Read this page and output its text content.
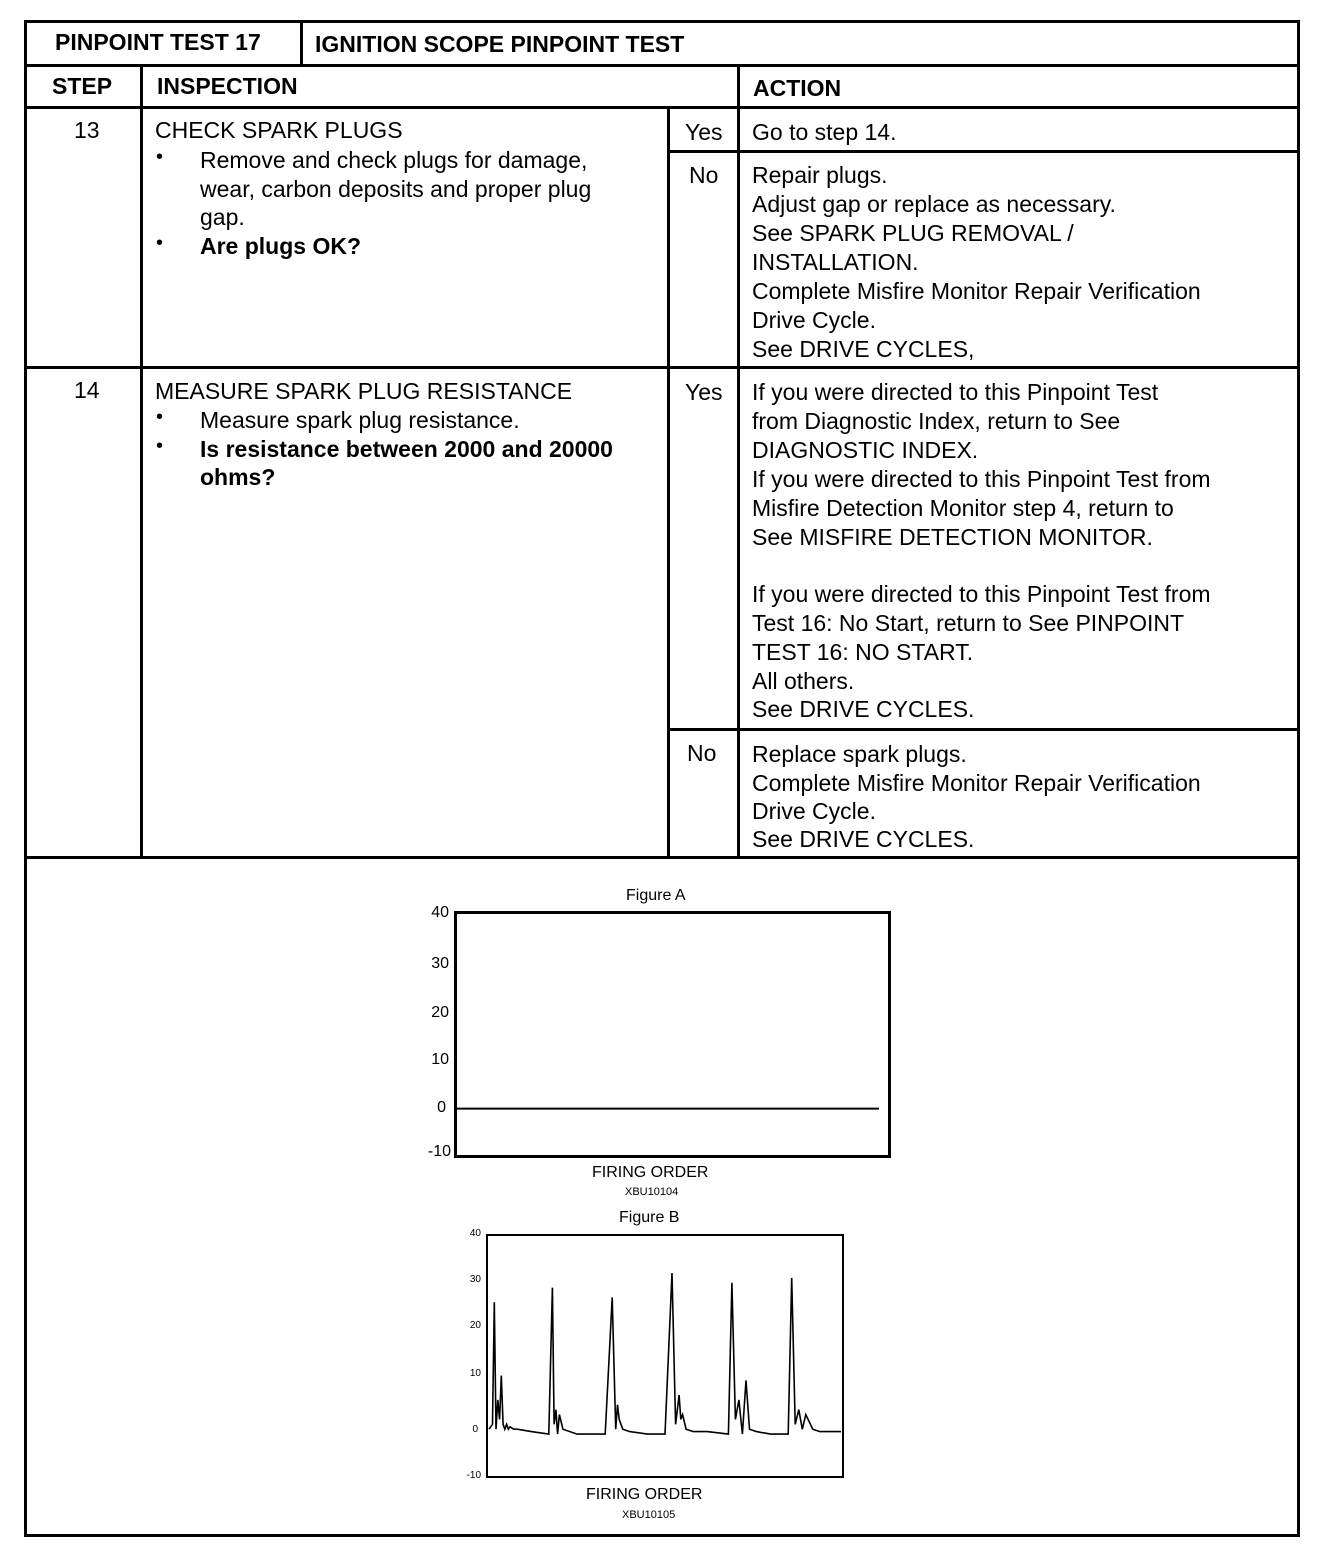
PINPOINT TEST 17 IGNITION SCOPE PINPOINT TEST
STEP INSPECTION	ACTION
13 CHECK SPARK PLUGS
• Remove and check plugs for damage,
wear, carbon deposits and proper plug
gap.
• Are plugs OK?
Yes Go to step 14.
No Repair plugs.
Adjust gap or replace as necessary.
See SPARK PLUG REMOVAL /
INSTALLATION.
Complete Misfire Monitor Repair Verification
Drive Cycle.
See DRIVE CYCLES,
14 MEASURE SPARK PLUG RESISTANCE
• Measure spark plug resistance.
• Is resistance between 2000 and 20000
ohms?
Yes If you were directed to this Pinpoint Test
from Diagnostic Index, return to See
DIAGNOSTIC INDEX.
If you were directed to this Pinpoint Test from
Misfire Detection Monitor step 4, return to
See MISFIRE DETECTION MONITOR.
If you were directed to this Pinpoint Test from
Test 16: No Start, return to See PINPOINT
TEST 16: NO START.
All others.
See DRIVE CYCLES.
No Replace spark plugs.
Complete Misfire Monitor Repair Verification
Drive Cycle.
See DRIVE CYCLES.
Figure A
40
30
20
10
0
-10
FIRING ORDER
XBU10104
Figure B
40
30
20
10
0
-10
FIRING ORDER
XBU10105
